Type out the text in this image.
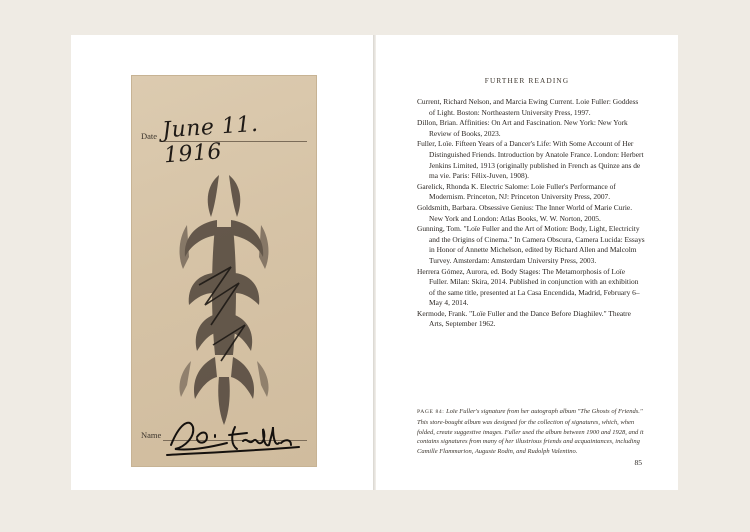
Date June 11. 1916
Name
FURTHER READING
Current, Richard Nelson, and Marcia Ewing Current. Loie Fuller: Goddess of Light. Boston: Northeastern University Press, 1997.
Dillon, Brian. Affinities: On Art and Fascination. New York: New York Review of Books, 2023.
Fuller, Loïe. Fifteen Years of a Dancer's Life: With Some Account of Her Distinguished Friends. Introduction by Anatole France. London: Herbert Jenkins Limited, 1913 (originally published in French as Quinze ans de ma vie. Paris: Félix-Juven, 1908).
Garelick, Rhonda K. Electric Salome: Loie Fuller's Performance of Modernism. Princeton, NJ: Princeton University Press, 2007.
Goldsmith, Barbara. Obsessive Genius: The Inner World of Marie Curie. New York and London: Atlas Books, W. W. Norton, 2005.
Gunning, Tom. "Loïe Fuller and the Art of Motion: Body, Light, Electricity and the Origins of Cinema." In Camera Obscura, Camera Lucida: Essays in Honor of Annette Michelson, edited by Richard Allen and Malcolm Turvey. Amsterdam: Amsterdam University Press, 2003.
Herrera Gómez, Aurora, ed. Body Stages: The Metamorphosis of Loïe Fuller. Milan: Skira, 2014. Published in conjunction with an exhibition of the same title, presented at La Casa Encendida, Madrid, February 6–May 4, 2014.
Kermode, Frank. "Loïe Fuller and the Dance Before Diaghilev." Theatre Arts, September 1962.
PAGE 84: Loïe Fuller's signature from her autograph album "The Ghosts of Friends." This store-bought album was designed for the collection of signatures, which, when folded, create suggestive images. Fuller used the album between 1900 and 1928, and it contains signatures from many of her illustrious friends and acquaintances, including Camille Flammarion, Auguste Rodin, and Rudolph Valentino.
85
